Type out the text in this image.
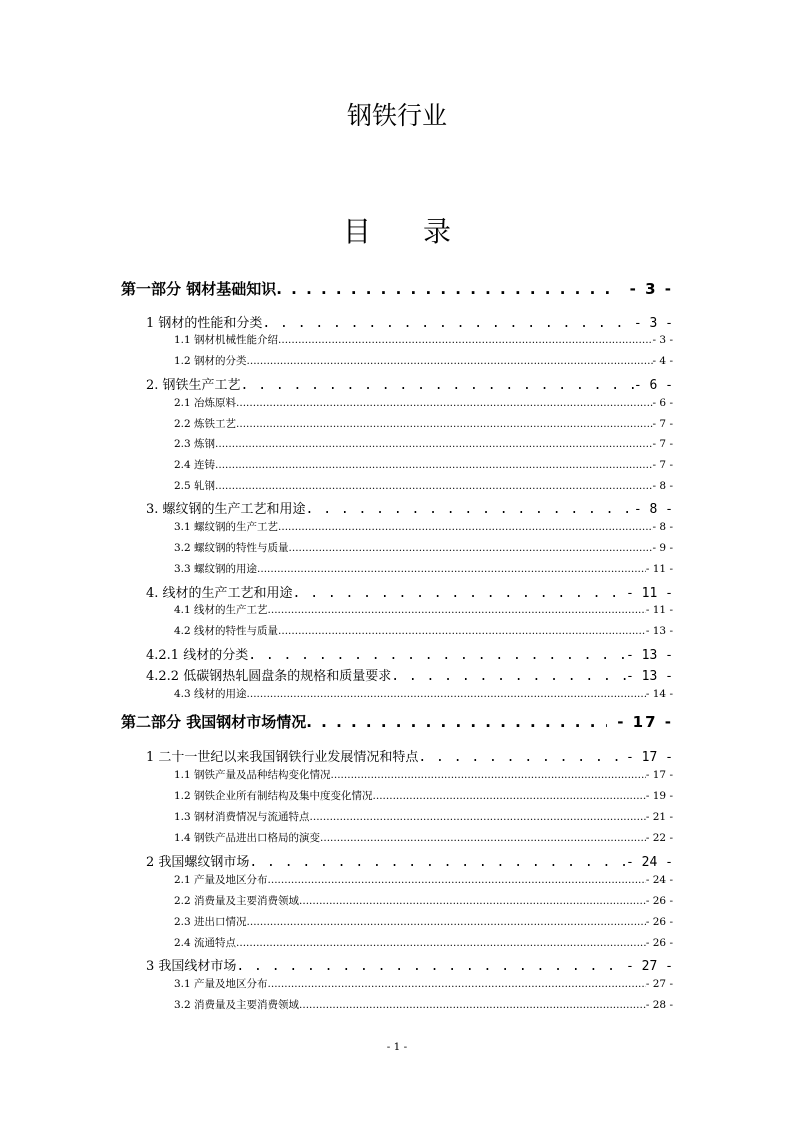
钢铁行业
目 录
第一部分 钢材基础知识 . . .	- 3 -
1 钢材的性能和分类 . . .	- 3 -
1.1 钢材机械性能介绍 .....	- 3 -
1.2 钢材的分类 .....	- 4 -
2. 钢铁生产工艺 . . .	- 6 -
2.1 冶炼原料 .....	- 6 -
2.2 炼铁工艺 .....	- 7 -
2.3 炼钢 .....	- 7 -
2.4 连铸 .....	- 7 -
2.5 轧钢 .....	- 8 -
3. 螺纹钢的生产工艺和用途 . . .	- 8 -
3.1 螺纹钢的生产工艺 .....	- 8 -
3.2 螺纹钢的特性与质量 .....	- 9 -
3.3 螺纹钢的用途 .....	- 11 -
4. 线材的生产工艺和用途 . . .	- 11 -
4.1 线材的生产工艺 .....	- 11 -
4.2 线材的特性与质量 .....	- 13 -
4.2.1 线材的分类 . . .	- 13 -
4.2.2 低碳钢热轧圆盘条的规格和质量要求 . . .	- 13 -
4.3 线材的用途 .....	- 14 -
第二部分 我国钢材市场情况 . . .	- 17 -
1 二十一世纪以来我国钢铁行业发展情况和特点 . . .	- 17 -
1.1 钢铁产量及品种结构变化情况 .....	- 17 -
1.2 钢铁企业所有制结构及集中度变化情况 .....	- 19 -
1.3 钢材消费情况与流通特点 .....	- 21 -
1.4 钢铁产品进出口格局的演变 .....	- 22 -
2 我国螺纹钢市场 . . .	- 24 -
2.1 产量及地区分布 .....	- 24 -
2.2 消费量及主要消费领域 .....	- 26 -
2.3 进出口情况 .....	- 26 -
2.4 流通特点 .....	- 26 -
3 我国线材市场 . . .	- 27 -
3.1 产量及地区分布 .....	- 27 -
3.2 消费量及主要消费领域 .....	- 28 -
- 1 -
